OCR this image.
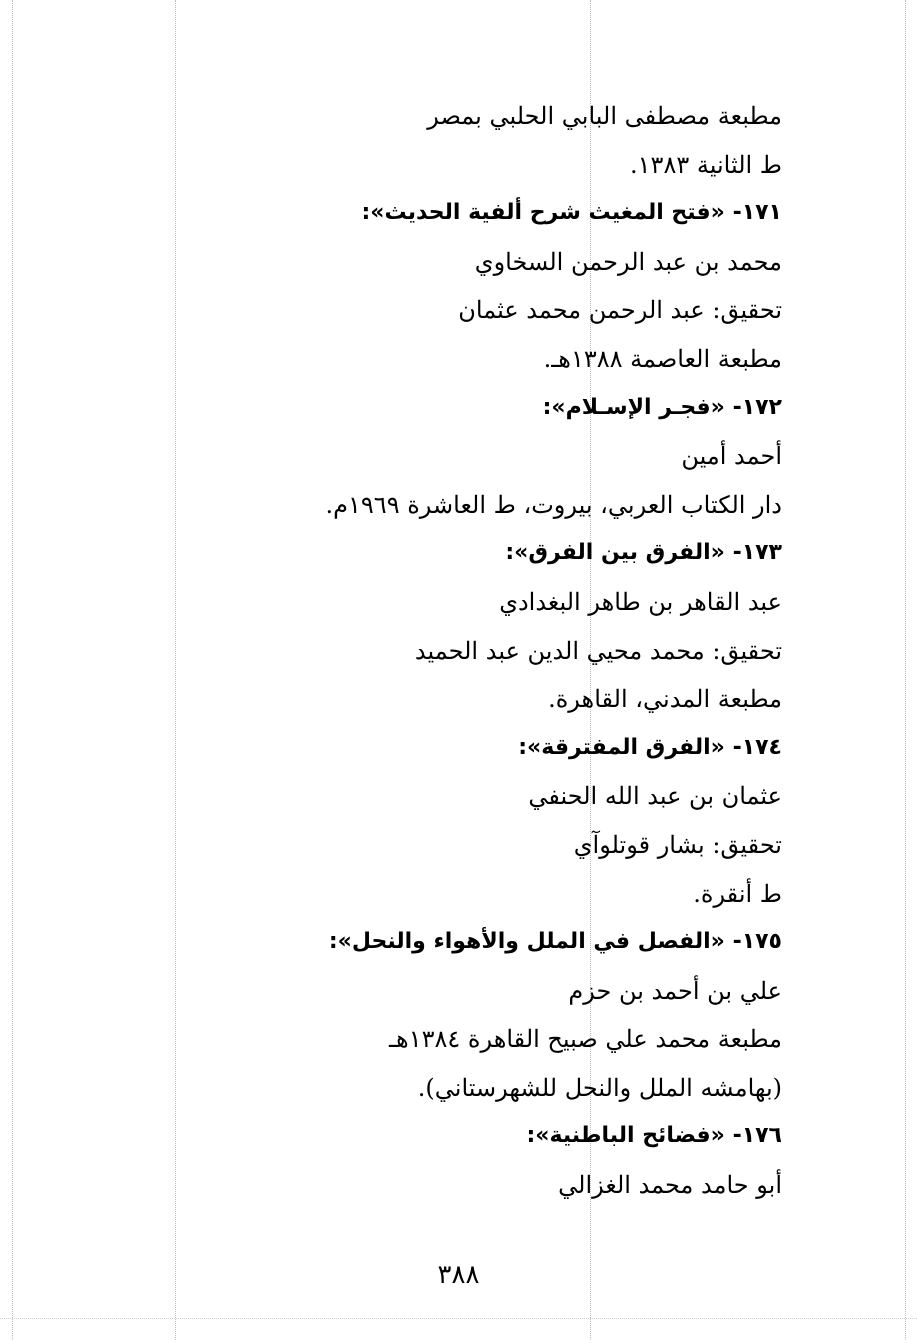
مطبعة مصطفى البابي الحلبي بمصر
ط الثانية ١٣٨٣.
١٧١- «فتح المغيث شرح ألفية الحديث»:
محمد بن عبد الرحمن السخاوي
تحقيق: عبد الرحمن محمد عثمان
مطبعة العاصمة ١٣٨٨هـ.
١٧٢- «فجـر الإسـلام»:
أحمد أمين
دار الكتاب العربي، بيروت، ط العاشرة ١٩٦٩م.
١٧٣- «الفرق بين الفرق»:
عبد القاهر بن طاهر البغدادي
تحقيق: محمد محيي الدين عبد الحميد
مطبعة المدني، القاهرة.
١٧٤- «الفرق المفترقة»:
عثمان بن عبد الله الحنفي
تحقيق: بشار قوتلوآي
ط أنقرة.
١٧٥- «الفصل في الملل والأهواء والنحل»:
علي بن أحمد بن حزم
مطبعة محمد علي صبيح القاهرة ١٣٨٤هـ
(بهامشه الملل والنحل للشهرستاني).
١٧٦- «فضائح الباطنية»:
أبو حامد محمد الغزالي
٣٨٨
